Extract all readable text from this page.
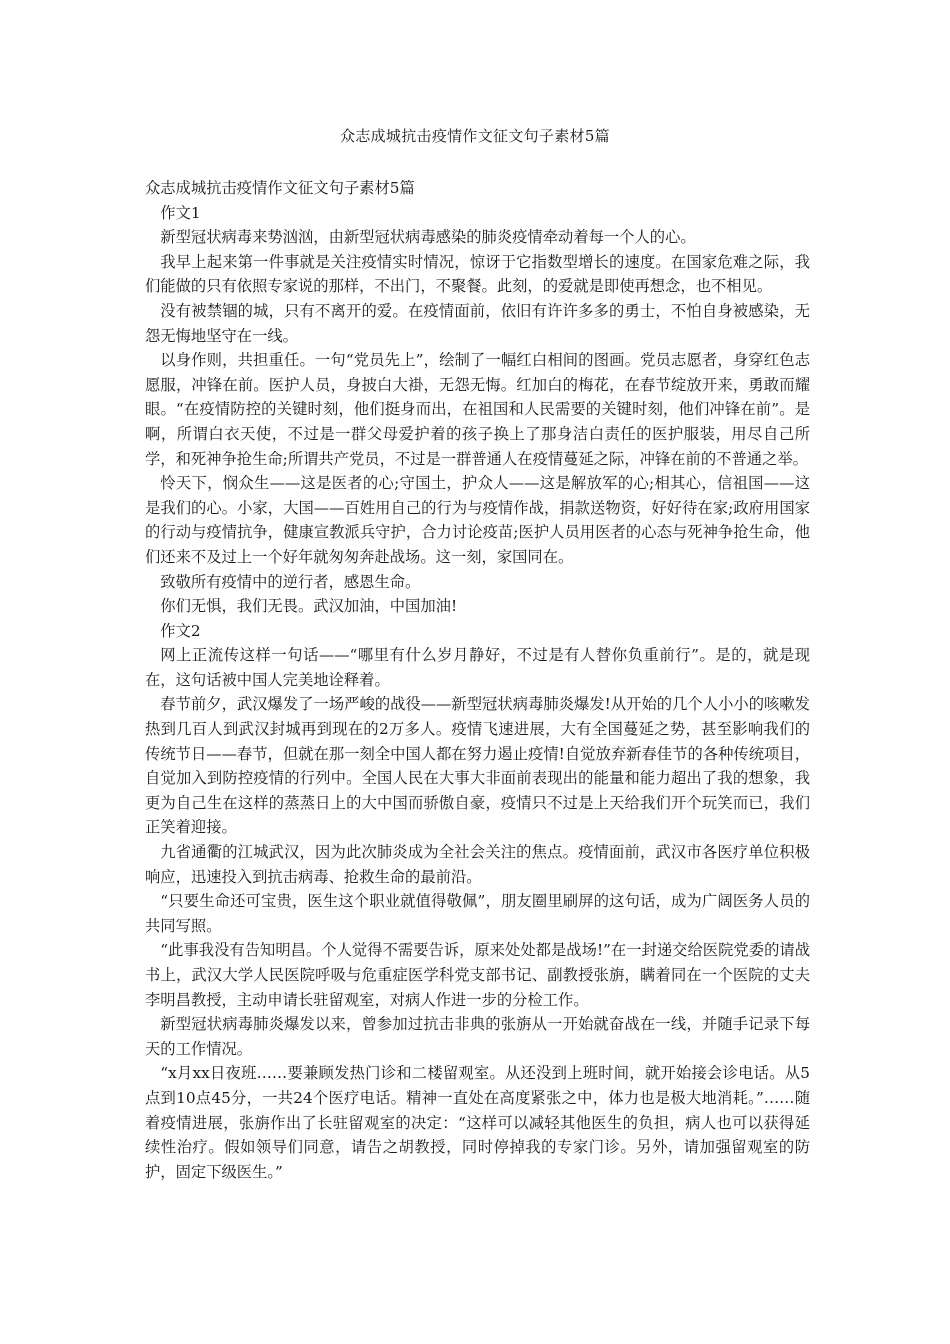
众志成城抗击疫情作文征文句子素材5篇

众志成城抗击疫情作文征文句子素材5篇

作文1

新型冠状病毒来势汹汹，由新型冠状病毒感染的肺炎疫情牵动着每一个人的心。

我早上起来第一件事就是关注疫情实时情况，惊讶于它指数型增长的速度。在国家危难之际，我们能做的只有依照专家说的那样，不出门，不聚餐。此刻，的爱就是即使再想念，也不相见。

没有被禁锢的城，只有不离开的爱。在疫情面前，依旧有许许多多的勇士，不怕自身被感染，无怨无悔地坚守在一线。

以身作则，共担重任。一句“党员先上”，绘制了一幅红白相间的图画。党员志愿者，身穿红色志愿服，冲锋在前。医护人员，身披白大褂，无怨无悔。红加白的梅花，在春节绽放开来，勇敢而耀眼。“在疫情防控的关键时刻，他们挺身而出，在祖国和人民需要的关键时刻，他们冲锋在前”。是啊，所谓白衣天使，不过是一群父母爱护着的孩子换上了那身洁白责任的医护服装，用尽自己所学，和死神争抢生命;所谓共产党员，不过是一群普通人在疫情蔓延之际，冲锋在前的不普通之举。

怜天下，悯众生——这是医者的心;守国土，护众人——这是解放军的心;相其心，信祖国——这是我们的心。小家，大国——百姓用自己的行为与疫情作战，捐款送物资，好好待在家;政府用国家的行动与疫情抗争，健康宣教派兵守护，合力讨论疫苗;医护人员用医者的心态与死神争抢生命，他们还来不及过上一个好年就匆匆奔赴战场。这一刻，家国同在。

致敬所有疫情中的逆行者，感恩生命。

你们无惧，我们无畏。武汉加油，中国加油!

作文2

网上正流传这样一句话——“哪里有什么岁月静好，不过是有人替你负重前行”。是的，就是现在，这句话被中国人完美地诠释着。

春节前夕，武汉爆发了一场严峻的战役——新型冠状病毒肺炎爆发!从开始的几个人小小的咳嗽发热到几百人到武汉封城再到现在的2万多人。疫情飞速进展，大有全国蔓延之势，甚至影响我们的传统节日——春节，但就在那一刻全中国人都在努力遏止疫情!自觉放弃新春佳节的各种传统项目，自觉加入到防控疫情的行列中。全国人民在大事大非面前表现出的能量和能力超出了我的想象，我更为自己生在这样的蒸蒸日上的大中国而骄傲自豪，疫情只不过是上天给我们开个玩笑而已，我们正笑着迎接。

九省通衢的江城武汉，因为此次肺炎成为全社会关注的焦点。疫情面前，武汉市各医疗单位积极响应，迅速投入到抗击病毒、抢救生命的最前沿。

“只要生命还可宝贵，医生这个职业就值得敬佩”，朋友圈里刷屏的这句话，成为广阔医务人员的共同写照。

“此事我没有告知明昌。个人觉得不需要告诉，原来处处都是战场!”在一封递交给医院党委的请战书上，武汉大学人民医院呼吸与危重症医学科党支部书记、副教授张旃，瞒着同在一个医院的丈夫李明昌教授，主动申请长驻留观室，对病人作进一步的分检工作。

新型冠状病毒肺炎爆发以来，曾参加过抗击非典的张旃从一开始就奋战在一线，并随手记录下每天的工作情况。

“x月xx日夜班……要兼顾发热门诊和二楼留观室。从还没到上班时间，就开始接会诊电话。从5点到10点45分，一共24个医疗电话。精神一直处在高度紧张之中，体力也是极大地消耗。”……随着疫情进展，张旃作出了长驻留观室的决定：“这样可以减轻其他医生的负担，病人也可以获得延续性治疗。假如领导们同意，请告之胡教授，同时停掉我的专家门诊。另外，请加强留观室的防护，固定下级医生。”
